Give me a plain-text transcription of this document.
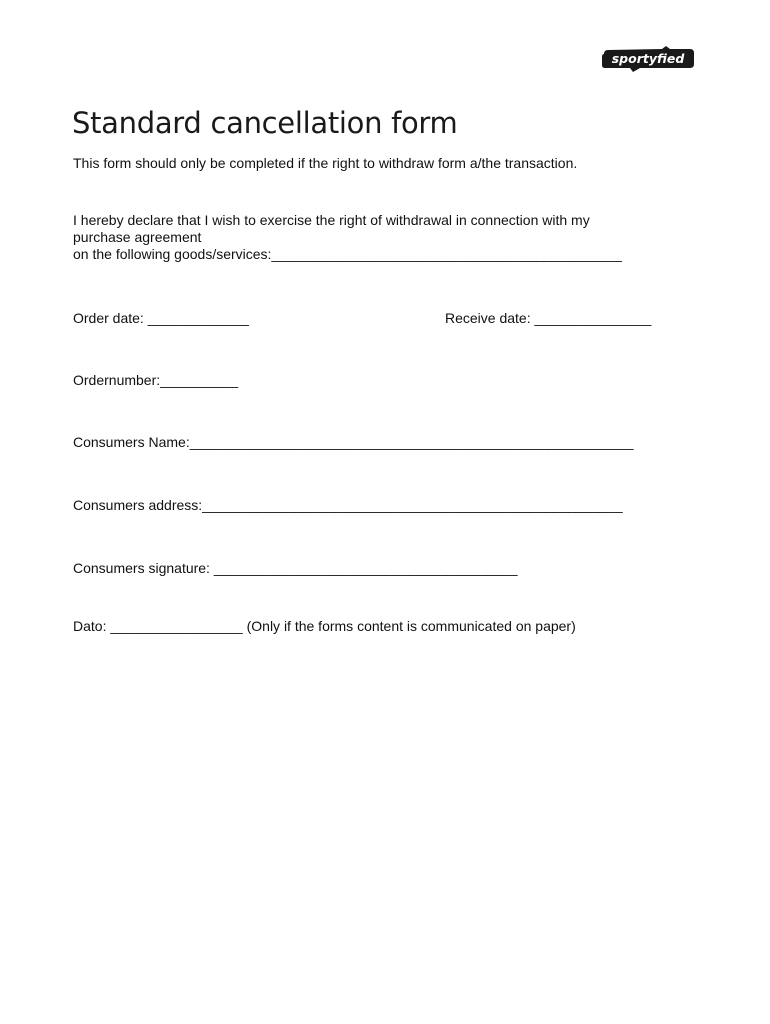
sportyfied
Standard cancellation form

This form should only be completed if the right to withdraw form a/the transaction.

I hereby declare that I wish to exercise the right of withdrawal in connection with my
purchase agreement
on the following goods/services:_____________________________________________

Order date: _____________	Receive date: _______________

Ordernumber:__________

Consumers Name:_________________________________________________________

Consumers address:______________________________________________________

Consumers signature: _______________________________________

Dato: _________________ (Only if the forms content is communicated on paper)
